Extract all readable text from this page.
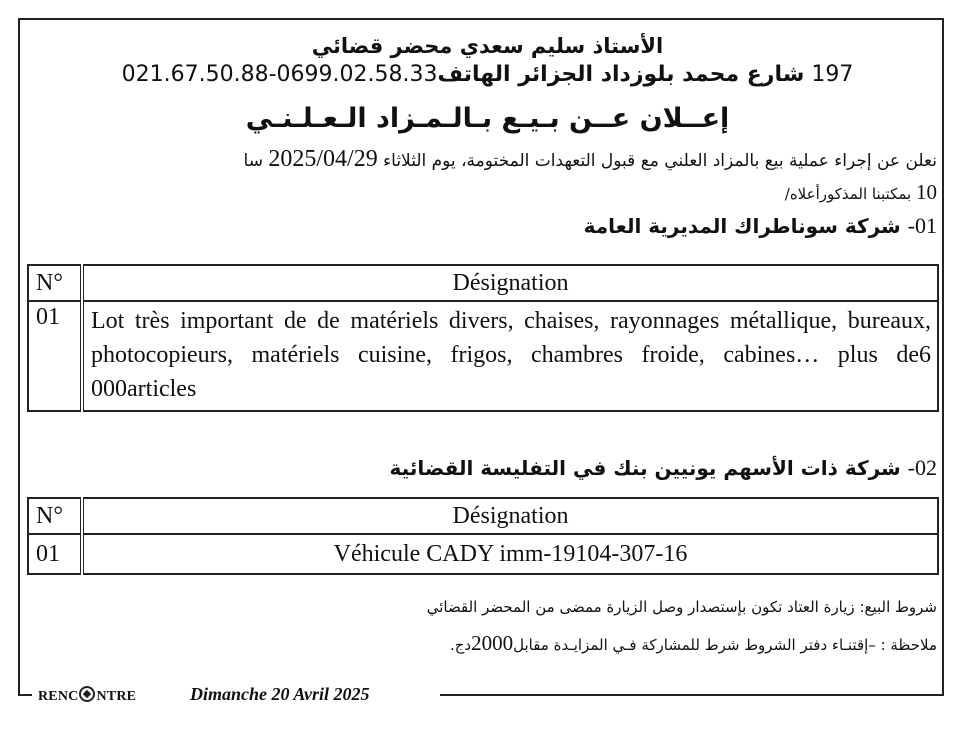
الأستاذ سليم سعدي محضر قضائي
197 شارع محمد بلوزداد الجزائر الهاتف0699.02.58.33-021.67.50.88
إعــلان عــن بـيـع بـالـمـزاد الـعـلـنـي
نعلن عن إجراء عملية بيع بالمزاد العلني مع قبول التعهدات المختومة، يوم الثلاثاء 2025/04/29 سا
10 بمكتبنا المذكورأعلاه/
01- شركة سوناطراك المديرية العامة
N°	Désignation
01	Lot très important de de matériels divers, chaises, rayonnages métallique, bureaux, photocopieurs, matériels cuisine, frigos, chambres froide, cabines… plus de6 000articles
02- شركة ذات الأسهم يونيين بنك في التفليسة القضائية
N°	Désignation
01	Véhicule CADY imm-19104-307-16
شروط البيع: زيارة العتاد تكون بإستصدار وصل الزيارة ممضى من المحضر القضائي
ملاحظة : –إقتنـاء دفتر الشروط شرط للمشاركة فـي المزايـدة مقابل2000دج.
RENC NTRE	Dimanche 20 Avril 2025
